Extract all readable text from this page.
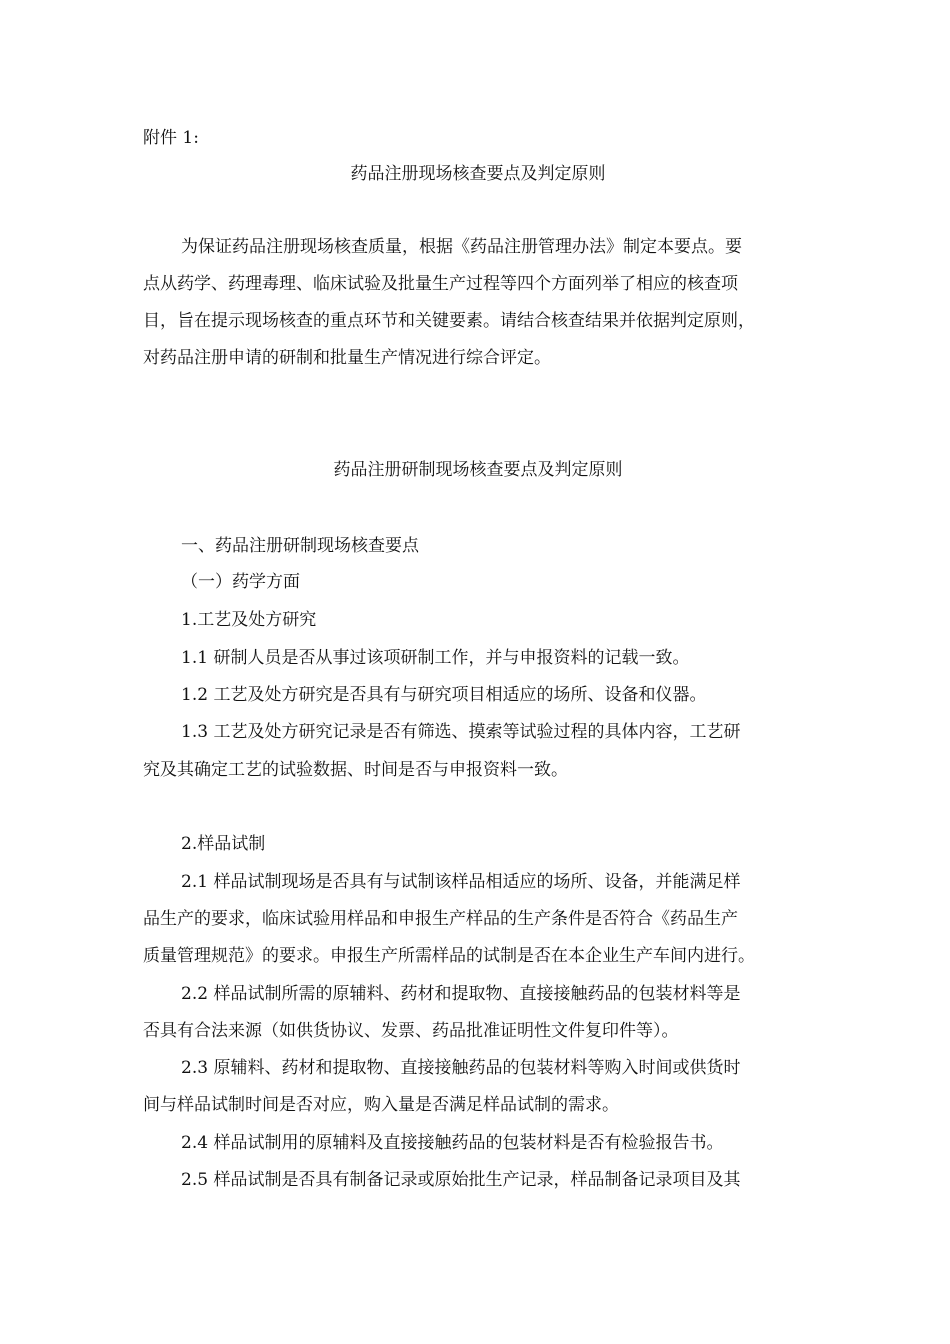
附件 1:
药品注册现场核查要点及判定原则
为保证药品注册现场核查质量，根据《药品注册管理办法》制定本要点。要
点从药学、药理毒理、临床试验及批量生产过程等四个方面列举了相应的核查项
目，旨在提示现场核查的重点环节和关键要素。请结合核查结果并依据判定原则，
对药品注册申请的研制和批量生产情况进行综合评定。
药品注册研制现场核查要点及判定原则
一、药品注册研制现场核查要点
（一）药学方面
1.工艺及处方研究
1.1 研制人员是否从事过该项研制工作，并与申报资料的记载一致。
1.2 工艺及处方研究是否具有与研究项目相适应的场所、设备和仪器。
1.3 工艺及处方研究记录是否有筛选、摸索等试验过程的具体内容，工艺研
究及其确定工艺的试验数据、时间是否与申报资料一致。
2.样品试制
2.1 样品试制现场是否具有与试制该样品相适应的场所、设备，并能满足样
品生产的要求，临床试验用样品和申报生产样品的生产条件是否符合《药品生产
质量管理规范》的要求。申报生产所需样品的试制是否在本企业生产车间内进行。
2.2 样品试制所需的原辅料、药材和提取物、直接接触药品的包装材料等是
否具有合法来源（如供货协议、发票、药品批准证明性文件复印件等）。
2.3 原辅料、药材和提取物、直接接触药品的包装材料等购入时间或供货时
间与样品试制时间是否对应，购入量是否满足样品试制的需求。
2.4 样品试制用的原辅料及直接接触药品的包装材料是否有检验报告书。
2.5 样品试制是否具有制备记录或原始批生产记录，样品制备记录项目及其
